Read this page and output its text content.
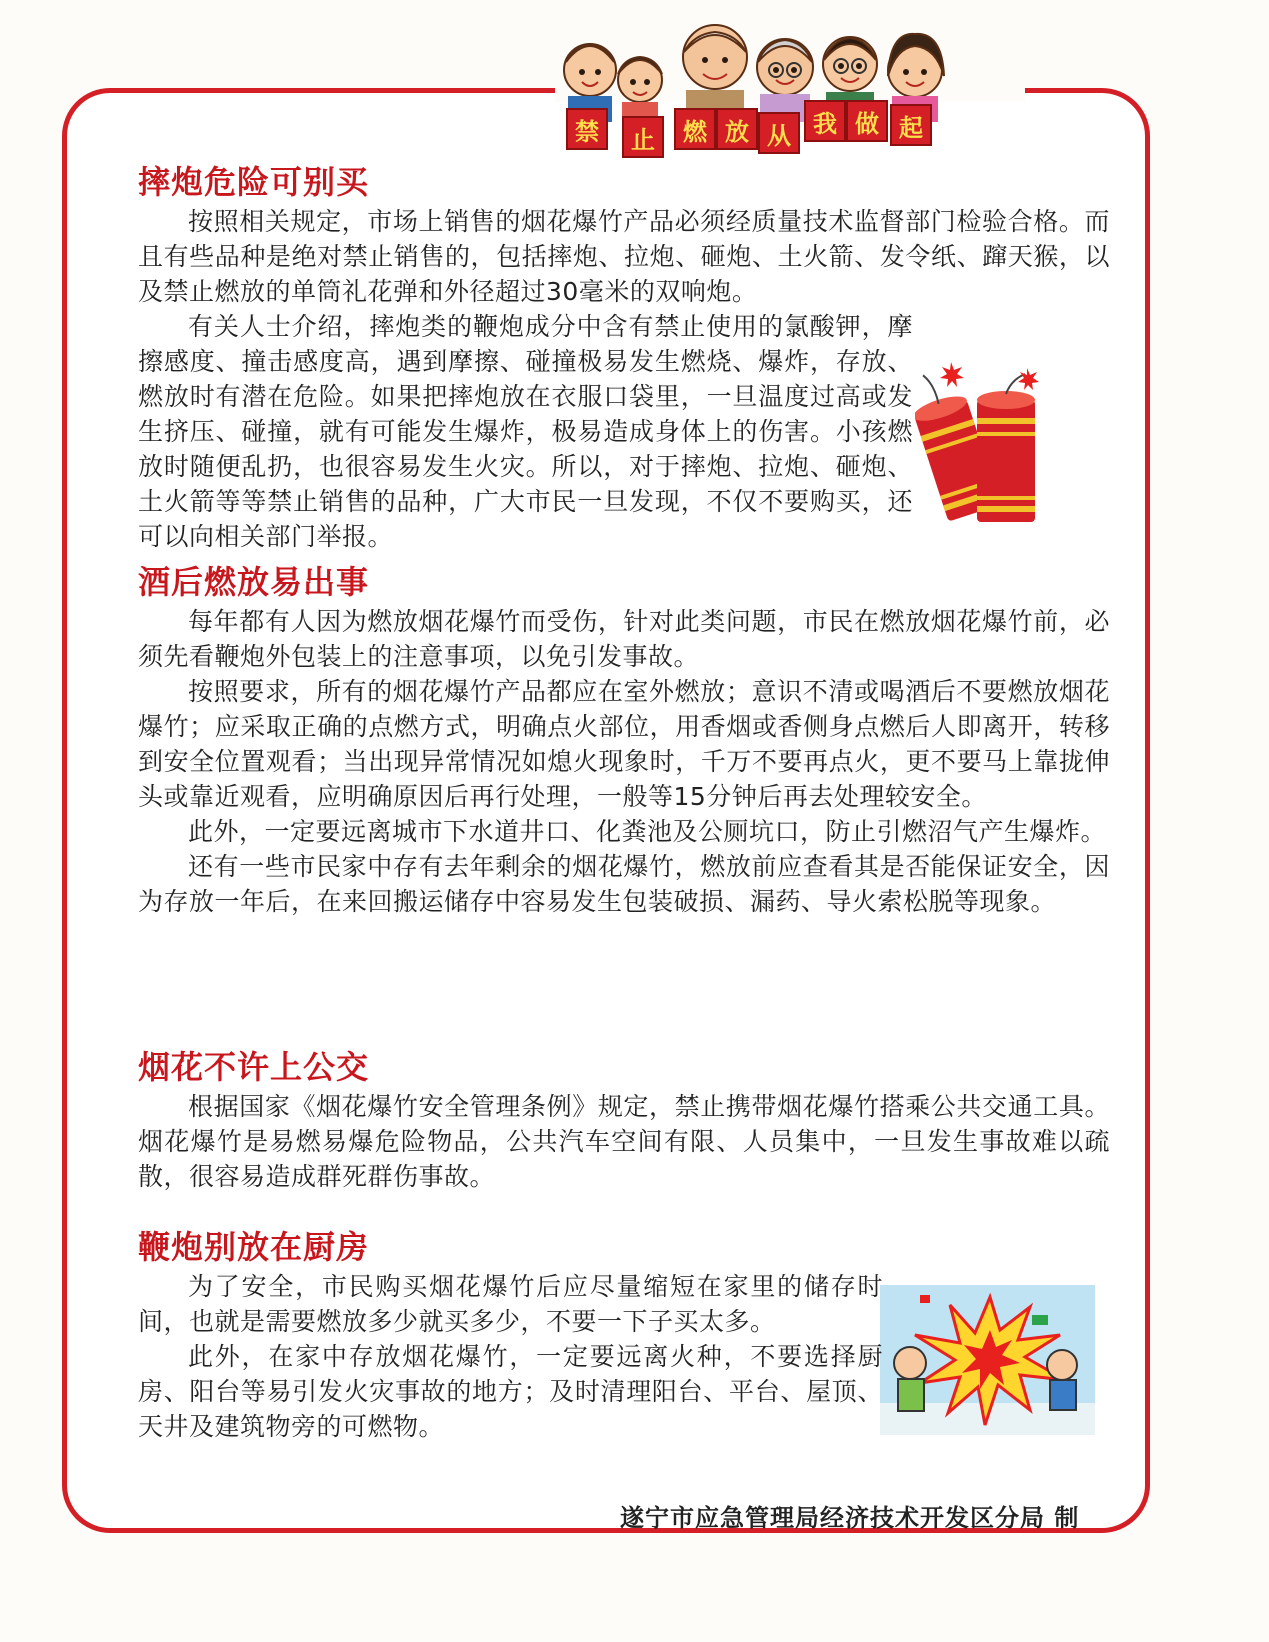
禁	止	燃 放 从 我 做 起
摔炮危险可别买

按照相关规定，市场上销售的烟花爆竹产品必须经质量技术监督部门检验合格。而且有些品种是绝对禁止销售的，包括摔炮、拉炮、砸炮、土火箭、发令纸、蹿天猴，以及禁止燃放的单筒礼花弹和外径超过30毫米的双响炮。

有关人士介绍，摔炮类的鞭炮成分中含有禁止使用的氯酸钾，摩擦感度、撞击感度高，遇到摩擦、碰撞极易发生燃烧、爆炸，存放、燃放时有潜在危险。如果把摔炮放在衣服口袋里，一旦温度过高或发生挤压、碰撞，就有可能发生爆炸，极易造成身体上的伤害。小孩燃放时随便乱扔，也很容易发生火灾。所以，对于摔炮、拉炮、砸炮、土火箭等等禁止销售的品种，广大市民一旦发现，不仅不要购买，还可以向相关部门举报。

酒后燃放易出事

每年都有人因为燃放烟花爆竹而受伤，针对此类问题，市民在燃放烟花爆竹前，必须先看鞭炮外包装上的注意事项，以免引发事故。

按照要求，所有的烟花爆竹产品都应在室外燃放；意识不清或喝酒后不要燃放烟花爆竹；应采取正确的点燃方式，明确点火部位，用香烟或香侧身点燃后人即离开，转移到安全位置观看；当出现异常情况如熄火现象时，千万不要再点火，更不要马上靠拢伸头或靠近观看，应明确原因后再行处理，一般等15分钟后再去处理较安全。

此外，一定要远离城市下水道井口、化粪池及公厕坑口，防止引燃沼气产生爆炸。

还有一些市民家中存有去年剩余的烟花爆竹，燃放前应查看其是否能保证安全，因为存放一年后，在来回搬运储存中容易发生包装破损、漏药、导火索松脱等现象。

烟花不许上公交

根据国家《烟花爆竹安全管理条例》规定，禁止携带烟花爆竹搭乘公共交通工具。烟花爆竹是易燃易爆危险物品，公共汽车空间有限、人员集中，一旦发生事故难以疏散，很容易造成群死群伤事故。

鞭炮别放在厨房

为了安全，市民购买烟花爆竹后应尽量缩短在家里的储存时间，也就是需要燃放多少就买多少，不要一下子买太多。

此外，在家中存放烟花爆竹，一定要远离火种，不要选择厨房、阳台等易引发火灾事故的地方；及时清理阳台、平台、屋顶、天井及建筑物旁的可燃物。

遂宁市应急管理局经济技术开发区分局 制
